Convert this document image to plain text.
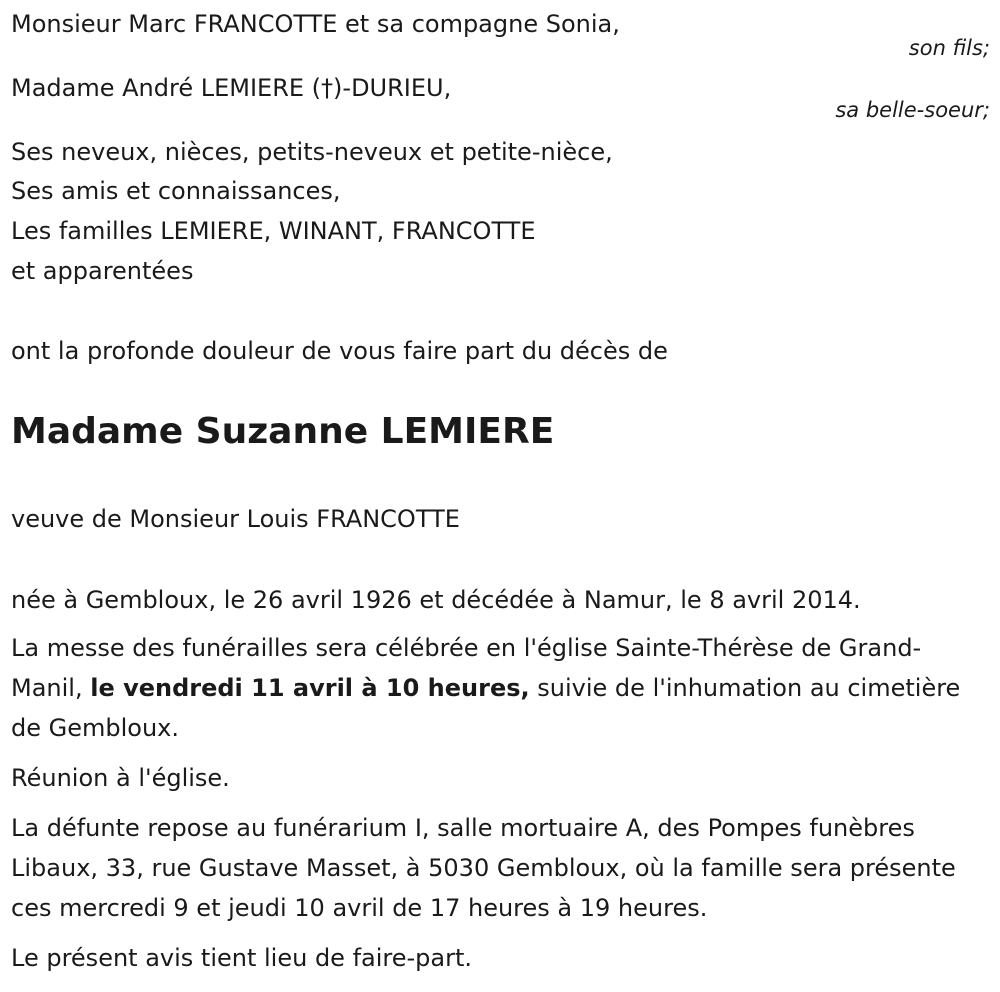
Monsieur Marc FRANCOTTE et sa compagne Sonia,
son fils;
Madame André LEMIERE (†)-DURIEU,
sa belle-soeur;
Ses neveux, nièces, petits-neveux et petite-nièce,
Ses amis et connaissances,
Les familles LEMIERE, WINANT, FRANCOTTE
et apparentées
ont la profonde douleur de vous faire part du décès de
Madame Suzanne LEMIERE
veuve de Monsieur Louis FRANCOTTE
née à Gembloux, le 26 avril 1926 et décédée à Namur, le 8 avril 2014.
La messe des funérailles sera célébrée en l'église Sainte-Thérèse de Grand-Manil, le vendredi 11 avril à 10 heures, suivie de l'inhumation au cimetière de Gembloux.
Réunion à l'église.
La défunte repose au funérarium I, salle mortuaire A, des Pompes funèbres Libaux, 33, rue Gustave Masset, à 5030 Gembloux, où la famille sera présente ces mercredi 9 et jeudi 10 avril de 17 heures à 19 heures.
Le présent avis tient lieu de faire-part.
